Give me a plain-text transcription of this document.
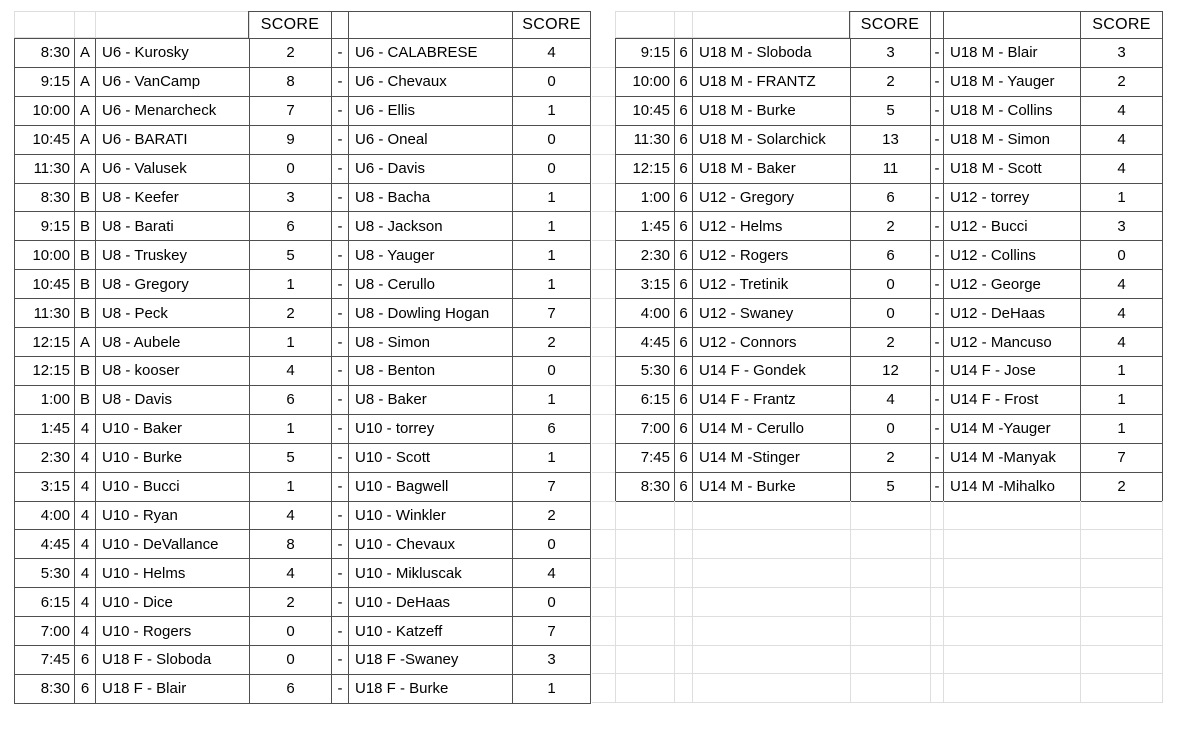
SCORE	SCORE	SCORE	SCORE
8:30 A U6 - Kurosky	2	- U6 - CALABRESE	4
9:15 A U6 - VanCamp	8	- U6 - Chevaux	0
10:00 A U6 - Menarcheck	7	- U6 - Ellis	1
10:45 A U6 - BARATI	9	- U6 - Oneal	0
11:30 A U6 - Valusek	0	- U6 - Davis	0
8:30 B U8 - Keefer	3	- U8 - Bacha	1
9:15 B U8 - Barati	6	- U8 - Jackson	1
10:00 B U8 - Truskey	5	- U8 - Yauger	1
10:45 B U8 - Gregory	1	- U8 - Cerullo	1
11:30 B U8 - Peck	2	- U8 - Dowling Hogan	7
12:15 A U8 - Aubele	1	- U8 - Simon	2
12:15 B U8 - kooser	4	- U8 - Benton	0
1:00 B U8 - Davis	6	- U8 - Baker	1
1:45 4 U10 - Baker	1	- U10 - torrey	6
2:30 4 U10 - Burke	5	- U10 - Scott	1
3:15 4 U10 - Bucci	1	- U10 - Bagwell	7
4:00 4 U10 - Ryan	4	- U10 - Winkler	2
4:45 4 U10 - DeVallance	8	- U10 - Chevaux	0
5:30 4 U10 - Helms	4	- U10 - Mikluscak	4
6:15 4 U10 - Dice	2	- U10 - DeHaas	0
7:00 4 U10 - Rogers	0	- U10 - Katzeff	7
7:45 6 U18 F - Sloboda	0	- U18 F -Swaney	3
8:30 6 U18 F - Blair	6	- U18 F - Burke	1
9:15 6 U18 M - Sloboda	3	- U18 M - Blair	3
10:00 6 U18 M - FRANTZ	2	- U18 M - Yauger	2
10:45 6 U18 M - Burke	5	- U18 M - Collins	4
11:30 6 U18 M - Solarchick	13	- U18 M - Simon	4
12:15 6 U18 M - Baker	11	- U18 M - Scott	4
1:00 6 U12 - Gregory	6	- U12 - torrey	1
1:45 6 U12 - Helms	2	- U12 - Bucci	3
2:30 6 U12 - Rogers	6	- U12 - Collins	0
3:15 6 U12 - Tretinik	0	- U12 - George	4
4:00 6 U12 - Swaney	0	- U12 - DeHaas	4
4:45 6 U12 - Connors	2	- U12 - Mancuso	4
5:30 6 U14 F - Gondek	12	- U14 F - Jose	1
6:15 6 U14 F - Frantz	4	- U14 F - Frost	1
7:00 6 U14 M - Cerullo	0	- U14 M -Yauger	1
7:45 6 U14 M -Stinger	2	- U14 M -Manyak	7
8:30 6 U14 M - Burke	5	- U14 M -Mihalko	2
